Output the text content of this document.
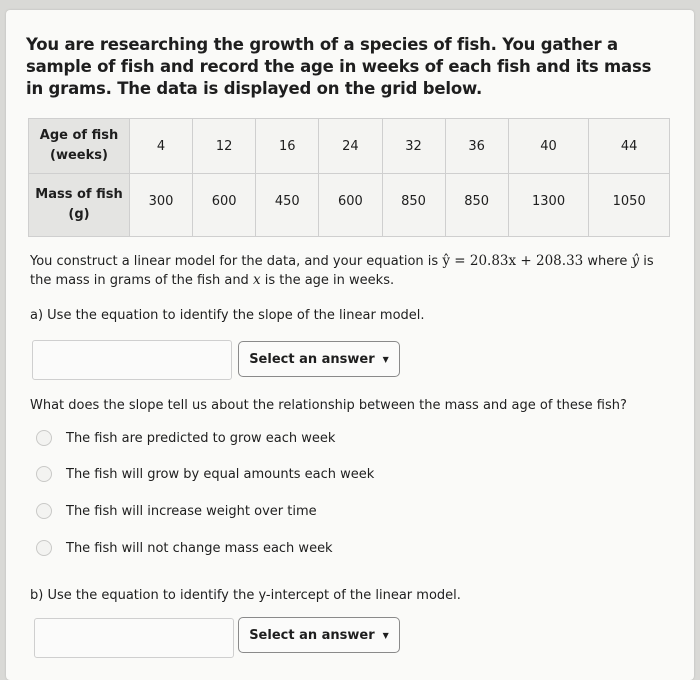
You are researching the growth of a species of fish. You gather a sample of fish and record the age in weeks of each fish and its mass in grams. The data is displayed on the grid below.
Age of fish (weeks)	4	12	16	24	32	36	40	44
Mass of fish (g)	300	600	450	600	850	850	1300	1050
You construct a linear model for the data, and your equation is ŷ = 20.83x + 208.33 where ŷ is
the mass in grams of the fish and x is the age in weeks.
a) Use the equation to identify the slope of the linear model.
Select an answer ▼
What does the slope tell us about the relationship between the mass and age of these fish?
The fish are predicted to grow each week
The fish will grow by equal amounts each week
The fish will increase weight over time
The fish will not change mass each week
b) Use the equation to identify the y-intercept of the linear model.
Select an answer ▼
